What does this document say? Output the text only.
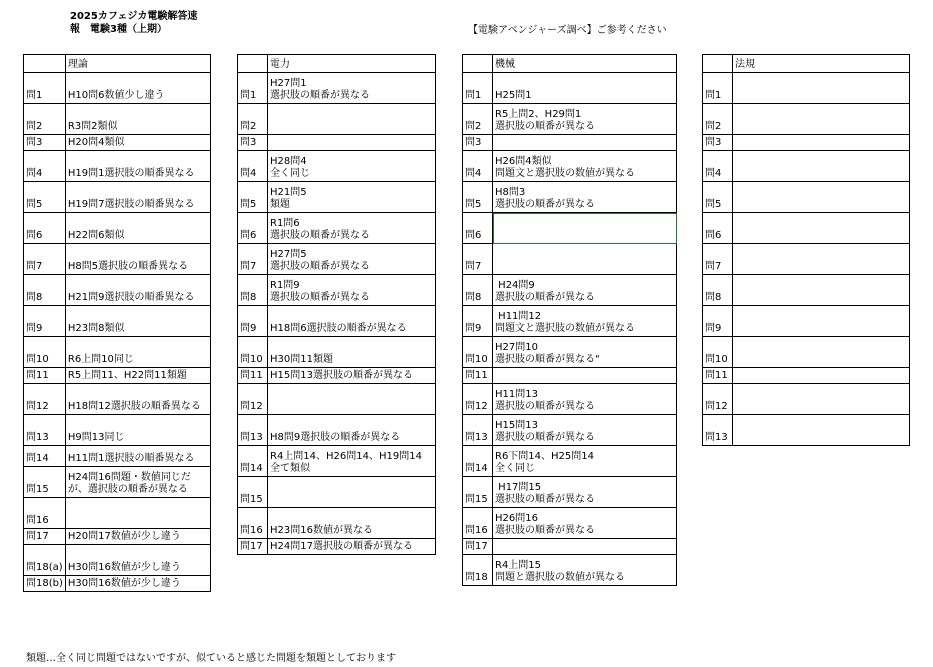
2025カフェジカ電験解答速
報　電験3種（上期）	【電験アベンジャーズ調べ】ご参考ください
	理論
問1	H10問6数値少し違う
問2	R3問2類似
問3	H20問4類似
問4	H19問1選択肢の順番異なる
問5	H19問7選択肢の順番異なる
問6	H22問6類似
問7	H8問5選択肢の順番異なる
問8	H21問9選択肢の順番異なる
問9	H23問8類似
問10	R6上問10同じ
問11	R5上問11、H22問11類題
問12	H18問12選択肢の順番異なる
問13	H9問13同じ
問14	H11問1選択肢の順番異なる
問15	H24問16問題・数値同じだが、選択肢の順番が異なる
問16	
問17	H20問17数値が少し違う
問18(a)	H30問16数値が少し違う
問18(b)	H30問16数値が少し違う
	電力
問1	H27問1
選択肢の順番が異なる

問2	
問3	
問4	H28問4
全く同じ

問5	H21問5
類題

問6	R1問6
選択肢の順番が異なる

問7	H27問5
選択肢の順番が異なる

問8	R1問9
選択肢の順番が異なる

問9	H18問6選択肢の順番が異なる

問10	H30問11類題

問11	H15問13選択肢の順番が異なる

問12	
問13	H8問9選択肢の順番が異なる

問14	R4上問14、H26問14、H19問14
全て類似

問15	
問16	H23問16数値が異なる

問17	H24問17選択肢の順番が異なる
	機械
問1	H25問1

問2	R5上問2、H29問1
選択肢の順番が異なる

問3	
問4	H26問4類似
問題文と選択肢の数値が異なる

問5	H8問3
選択肢の順番が異なる

問6	
問7	
問8	H24問9
選択肢の順番が異なる

問9	H11問12
問題文と選択肢の数値が異なる

問10	H27問10
選択肢の順番が異なる"

問11	
問12	H11問13
選択肢の順番が異なる

問13	H15問13
選択肢の順番が異なる

問14	R6下問14、H25問14
全く同じ

問15	H17問15
選択肢の順番が異なる

問16	H26問16
選択肢の順番が異なる

問17	
問18	R4上問15
問題と選択肢の数値が異なる
	法規
問1	
問2	
問3	
問4	
問5	
問6	
問7	
問8	
問9	
問10	
問11	
問12	
問13	
類題…全く同じ問題ではないですが、似ていると感じた問題を類題としております
